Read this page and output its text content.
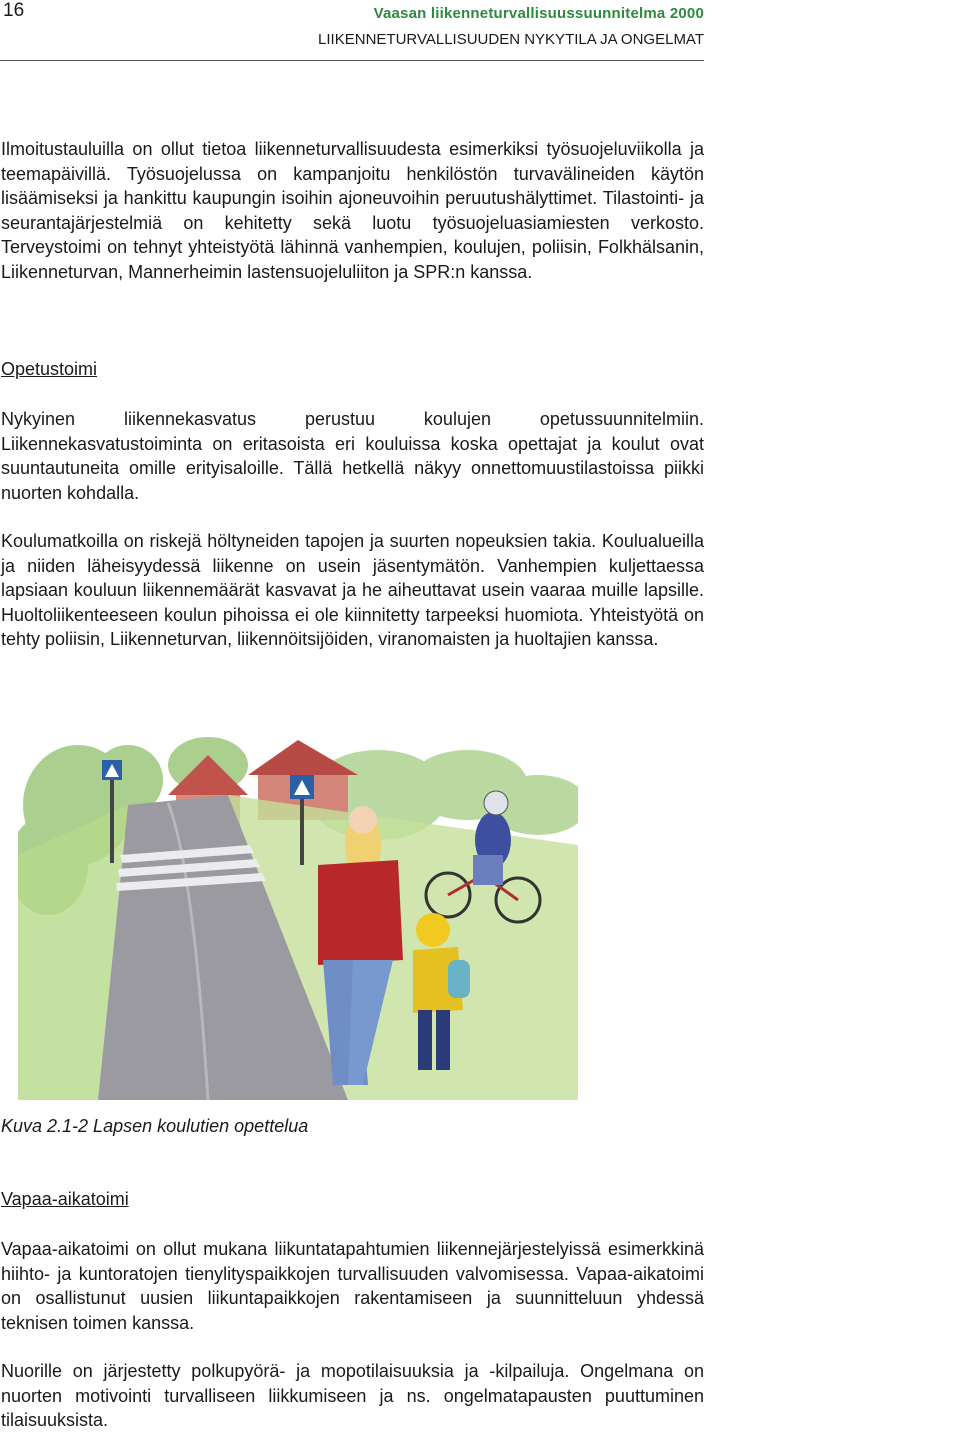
16	Vaasan liikenneturvallisuussuunnitelma 2000
LIIKENNETURVALLISUUDEN NYKYTILA JA ONGELMAT

Ilmoitustauluilla on ollut tietoa liikenneturvallisuudesta esimerkiksi työsuojeluviikolla ja teemapäivillä. Työsuojelussa on kampanjoitu henkilöstön turvavälineiden käytön lisäämiseksi ja hankittu kaupungin isoihin ajoneuvoihin peruutushälyttimet. Tilastointi- ja seurantajärjestelmiä on kehitetty sekä luotu työsuojeluasiamiesten verkosto. Terveystoimi on tehnyt yhteistyötä lähinnä vanhempien, koulujen, poliisin, Folkhälsanin, Liikenneturvan, Mannerheimin lastensuojeluliiton ja SPR:n kanssa.

Opetustoimi

Nykyinen liikennekasvatus perustuu koulujen opetussuunnitelmiin. Liikennekasvatustoiminta on eritasoista eri kouluissa koska opettajat ja koulut ovat suuntautuneita omille erityisaloille. Tällä hetkellä näkyy onnettomuustilastoissa piikki nuorten kohdalla.

Koulumatkoilla on riskejä höltyneiden tapojen ja suurten nopeuksien takia. Koulualueilla ja niiden läheisyydessä liikenne on usein jäsentymätön. Vanhempien kuljettaessa lapsiaan kouluun liikennemäärät kasvavat ja he aiheuttavat usein vaaraa muille lapsille. Huoltoliikenteeseen koulun pihoissa ei ole kiinnitetty tarpeeksi huomiota. Yhteistyötä on tehty poliisin, Liikenneturvan, liikennöitsijöiden, viranomaisten ja huoltajien kanssa.

Kuva 2.1-2 Lapsen koulutien opettelua
Vapaa-aikatoimi

Vapaa-aikatoimi on ollut mukana liikuntatapahtumien liikennejärjestelyissä esimerkkinä hiihto- ja kuntoratojen tienylityspaikkojen turvallisuuden valvomisessa. Vapaa-aikatoimi on osallistunut uusien liikuntapaikkojen rakentamiseen ja suunnitteluun yhdessä teknisen toimen kanssa.

Nuorille on järjestetty polkupyörä- ja mopotilaisuuksia ja -kilpailuja. Ongelmana on nuorten motivointi turvalliseen liikkumiseen ja ns. ongelmatapausten puuttuminen tilaisuuksista.
